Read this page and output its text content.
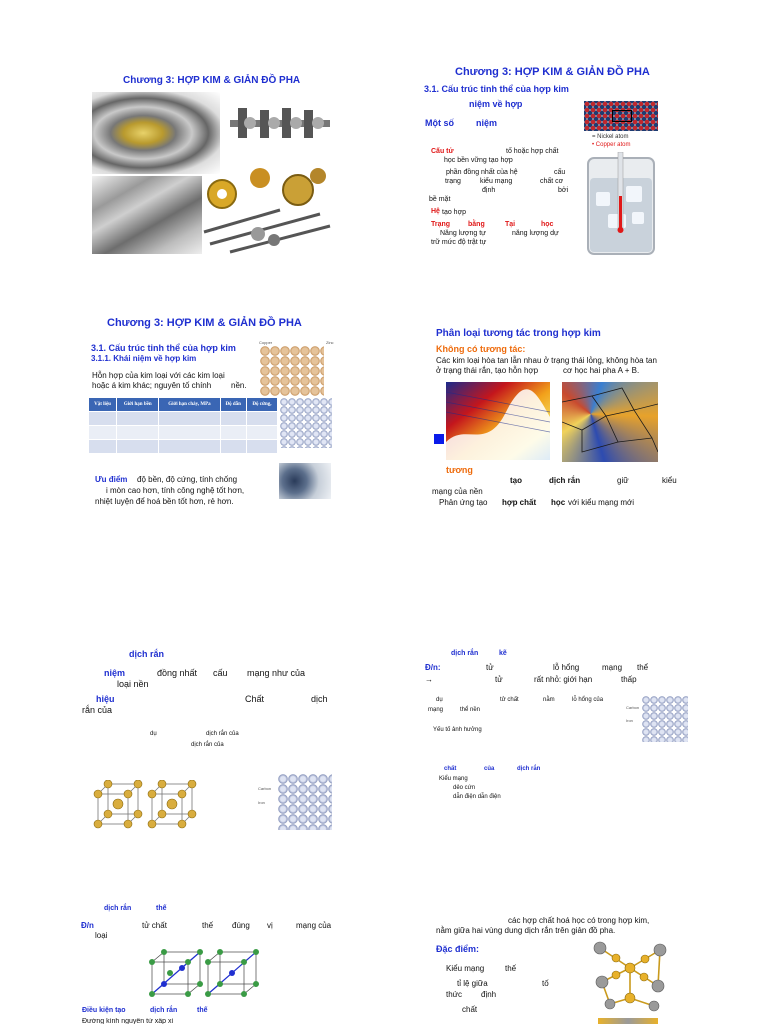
Chương 3: HỢP KIM & GIẢN ĐỒ PHA
Chương 3: HỢP KIM & GIẢN ĐỒ PHA
3.1. Cấu trúc tinh thể của hợp kim
niệm về hợp
Một số niệm
Cấu tử	tố hoặc hợp chất
học bền vững tạo hợp
phần đồng nhất của hệ	cấu
trạng	kiểu mạng	chất cơ
định	bởi
bề mặt
Hệ tạo hợp
Trạng	bằng	Tại	học
Năng lượng tự	năng lượng dự
trữ mức độ trật tự
= Nickel atom
• Copper atom
Chương 3: HỢP KIM & GIẢN ĐỒ PHA
3.1. Cấu trúc tinh thể của hợp kim
3.1.1. Khái niệm về hợp kim
Hỗn hợp của kim loại với các kim loại
hoặc á kim khác; nguyên tố chính nền.
Copper	Zinc
Vật liệu	Giới hạn bền	Giới hạn chảy, MPa	Độ dẫn	Độ cứng,

Ưu điểm độ bền, độ cứng, tính chống
i mòn cao hơn, tính công nghệ tốt hơn,
nhiệt luyện để hoá bền tốt hơn, rẻ hơn.
Phân loại tương tác trong hợp kim
Không có tương tác:
Các kim loại hòa tan lẫn nhau ở trạng thái lỏng, không hòa tan
ở trạng thái rắn, tạo hỗn hợp	cơ học hai pha A + B.
tương
tạo	dịch rắn	giữ	kiểu
mạng của nền
Phản ứng tạo hợp chất học với kiểu mạng mới
dịch rắn
niệm	đồng nhất cấu mạng như của
loại nền
hiệu	Chất	dịch
rắn của
dụ	dịch rắn của
dịch rắn của
Carbon
Iron
dịch rắn	kẽ
Đ/n:	tử	lỗ hổng	mạng thể
→	tử	rất nhỏ: giới hạn	thấp
dụ	tử chất	nằm	lỗ hổng của
mạng	thể nền	Carbon
Iron
Yếu tố ảnh hưởng
chất	của	dịch rắn
Kiểu mạng
dẻo cứn
dẫn điện dẫn điện
dịch rắn	thế
Đ/n	tử chất	thế đúng vị	mạng của
loại
Điều kiện tạo	dịch rắn	thế
Đường kính nguyên tử xấp xỉ
các hợp chất hoá học có trong hợp kim,
nằm giữa hai vùng dung dịch rắn trên giản đồ pha.
Đặc điểm:
Kiểu mạng	thế
tỉ lệ giữa	tố
thức định
chất
